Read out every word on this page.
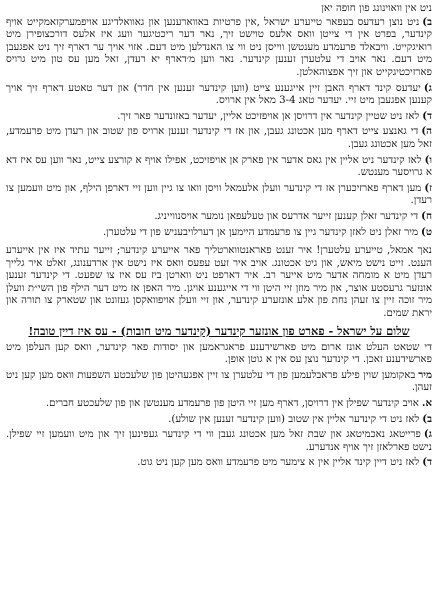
ניט אין וואוינונג פון חופה יאן

ב)ניט נוצן רעדעס בעפאר טייערע ישראל ,אין פרטיות באווארענען און גאוואלדיגע אויפמערקזאמקייט אויף קינדער, בפרט אין די צייטן וואס אלעס טוישט זיך, נאר דער ריכטיגער וועג איז אלעס דורכצופירן מיט רואיגקייט. וויבאלד פרעמדע מענטשן ווייסן ניט ווי צו האנדלען מיט דעם. אזוי אויך ער דארף זיך ניט אפגעבן מיט דעם. נאר אויב די עלטערן זענען קינדער. נאר ווען מ׳דארף יא רעדן, זאל מען עס טון מיט גרויס פארזיכטיגקייט און זיך אפצוהאלטן.

ג)יעדעס קינד דארף האבן זיין אייגענע צייט (ווען קינדער זענען אין חדר) און דער טאטע דארף זיך אויך קענען אפגעבן מיט זיי. יעדער טאג 3-4 מאל אין ארויס.

ד)לאז ניט שטיין קינדער אין דרויסן אן אויפזיכט אליין, יעדער באזונדער פאר זיך.

ה)די גאנצע צייט דארף מען אכטונג געבן, און אז די קינדער זענען ארויס פון שטוב און רעדן מיט פרעמדע, זאל מען אכטונג געבן.

ו)לאז קינדער ניט אליין אין גאס אדער אין פארק אן אויפזיכט, אפילו אויף א קורצע צייט, נאר ווען עס איז דא א גרויסער מענטש.

ז)מען דארף פארזיכערן אז די קינדער וועלן אלעמאל וויסן וואו צו גיין ווען זיי דארפן הילף, און מיט וועמען צו רעדן.

ח)די קינדער זאלן קענען זייער אדרעס און טעלעפאן נומער אויסנווייניג.

ט)מיר זאלן ניט לאזן קינדער גיין צו פרעמדע היימען אן דערלויבעניש פון די עלטערן.

נאך אמאל, טייערע עלטערן! איר זענט פאראנטווארטליך פאר אייערע קינדער; זייער עתיד איז אין אייערע הענט. זייט נישט מיאש, און גיט אכטונג. אויב איר זעט עפעס וואס איז נישט אין ארדענונג, זאלט איר גלייך רעדן מיט א מומחה אדער מיט אייער רב. איר דארפט ניט ווארטן ביז עס איז צו שפעט. די קינדער זענען אונזער גרעסטע אוצר, און מיר מוזן זיי היטן ווי די אייגענע אויגן. מיר האפן אז מיט דער הילף פון השי״ת וועלן מיר זוכה זיין צו זעהן נחת פון אלע אונזערע קינדער, און זיי וועלן אויפוואקסן געזונט און שטארק צו תורה און יראת שמים.

שלום על ישראל - פארט פון אונזער קינדער (קינדער מיט חובות) - עס איז דיין טובה!

די שטאט העלט אונז ארום מיט פארשידענע פראגראמען און יסודות פאר קינדער, וואס קען העלפן מיט פארשידענע זאכן. די קינדער נוצן עס אין א גוטן אופן.

מירבאקומען שוין פילע פראבלעמען פון די עלטערן צו זיין אפגעהיטן פון שלעכטע השפעות וואס מען קען ניט זעהן.

א.אויב קינדער שפילן אין דרויסן, דארף מען זיי היטן פון פרעמדע מענטשן און פון שלעכטע חברים.

ב)לאז ניט די קינדער אליין אין שטוב (ווען קינדער זענען אין שולע).

ג)פרייטאג נאכמיטאג און שבת זאל מען אכטונג געבן ווי די קינדער געפינען זיך און מיט וועמען זיי שפילן. נישט פארלאזן זיך אויף אנדערע.

ד)לאז ניט דיין קינד אליין אין א צימער מיט פרעמדע וואס מען קען ניט גוט.
